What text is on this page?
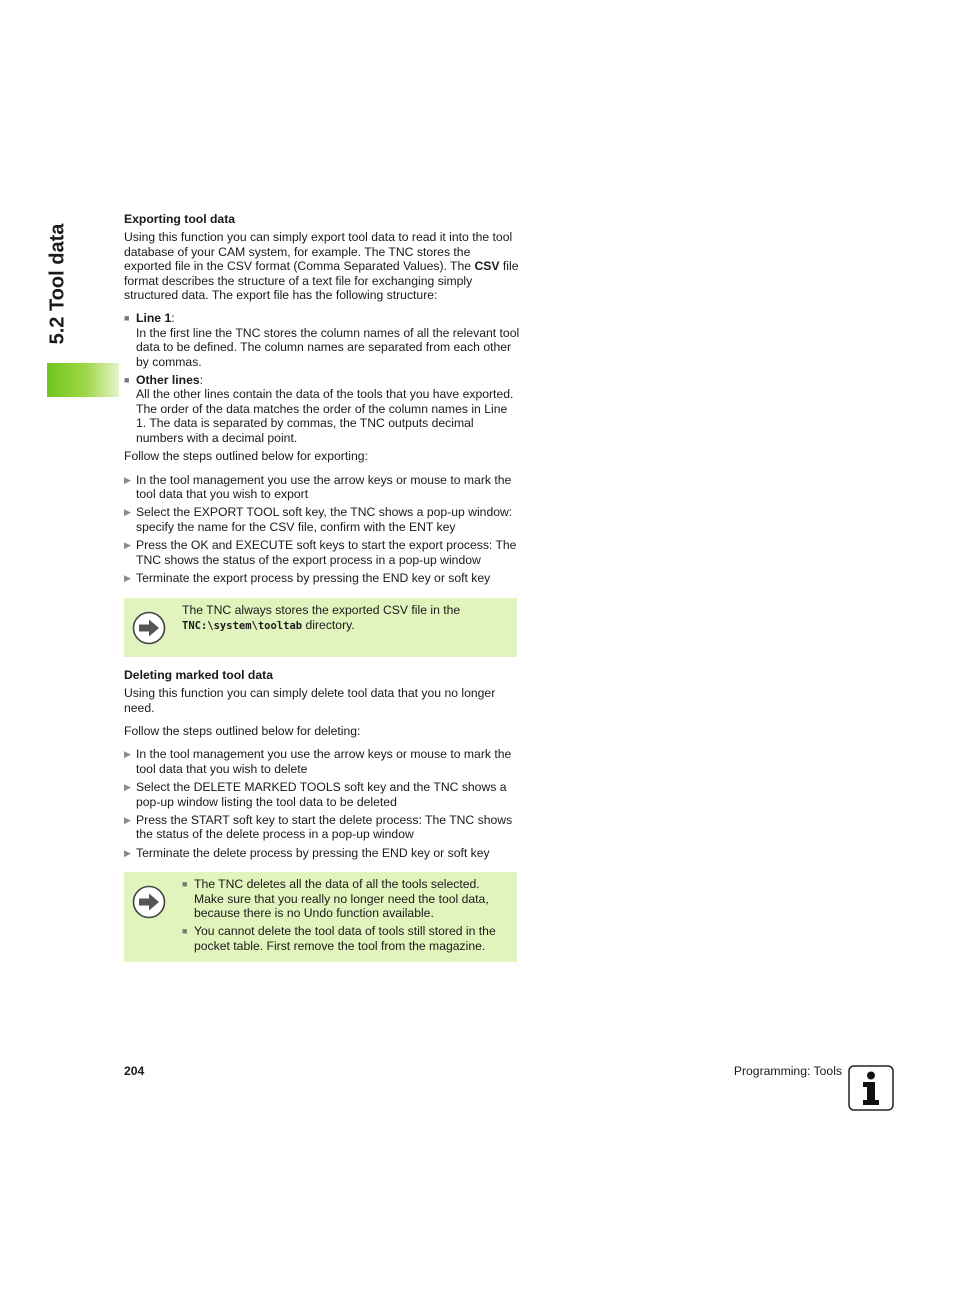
5.2 Tool data
Exporting tool data

Using this function you can simply export tool data to read it into the tool database of your CAM system, for example. The TNC stores the exported file in the CSV format (Comma Separated Values). The CSV file format describes the structure of a text file for exchanging simply structured data. The export file has the following structure:

■ Line 1:
In the first line the TNC stores the column names of all the relevant tool data to be defined. The column names are separated from each other by commas.
■ Other lines:
All the other lines contain the data of the tools that you have exported. The order of the data matches the order of the column names in Line 1. The data is separated by commas, the TNC outputs decimal numbers with a decimal point.

Follow the steps outlined below for exporting:

▶ In the tool management you use the arrow keys or mouse to mark the tool data that you wish to export
▶ Select the EXPORT TOOL soft key, the TNC shows a pop-up window: specify the name for the CSV file, confirm with the ENT key
▶ Press the OK and EXECUTE soft keys to start the export process: The TNC shows the status of the export process in a pop-up window
▶ Terminate the export process by pressing the END key or soft key
The TNC always stores the exported CSV file in the TNC:\system\tooltab directory.
Deleting marked tool data

Using this function you can simply delete tool data that you no longer need.

Follow the steps outlined below for deleting:

▶ In the tool management you use the arrow keys or mouse to mark the tool data that you wish to delete
▶ Select the DELETE MARKED TOOLS soft key and the TNC shows a pop-up window listing the tool data to be deleted
▶ Press the START soft key to start the delete process: The TNC shows the status of the delete process in a pop-up window
▶ Terminate the delete process by pressing the END key or soft key
■ The TNC deletes all the data of all the tools selected. Make sure that you really no longer need the tool data, because there is no Undo function available.
■ You cannot delete the tool data of tools still stored in the pocket table. First remove the tool from the magazine.
204	Programming: Tools
